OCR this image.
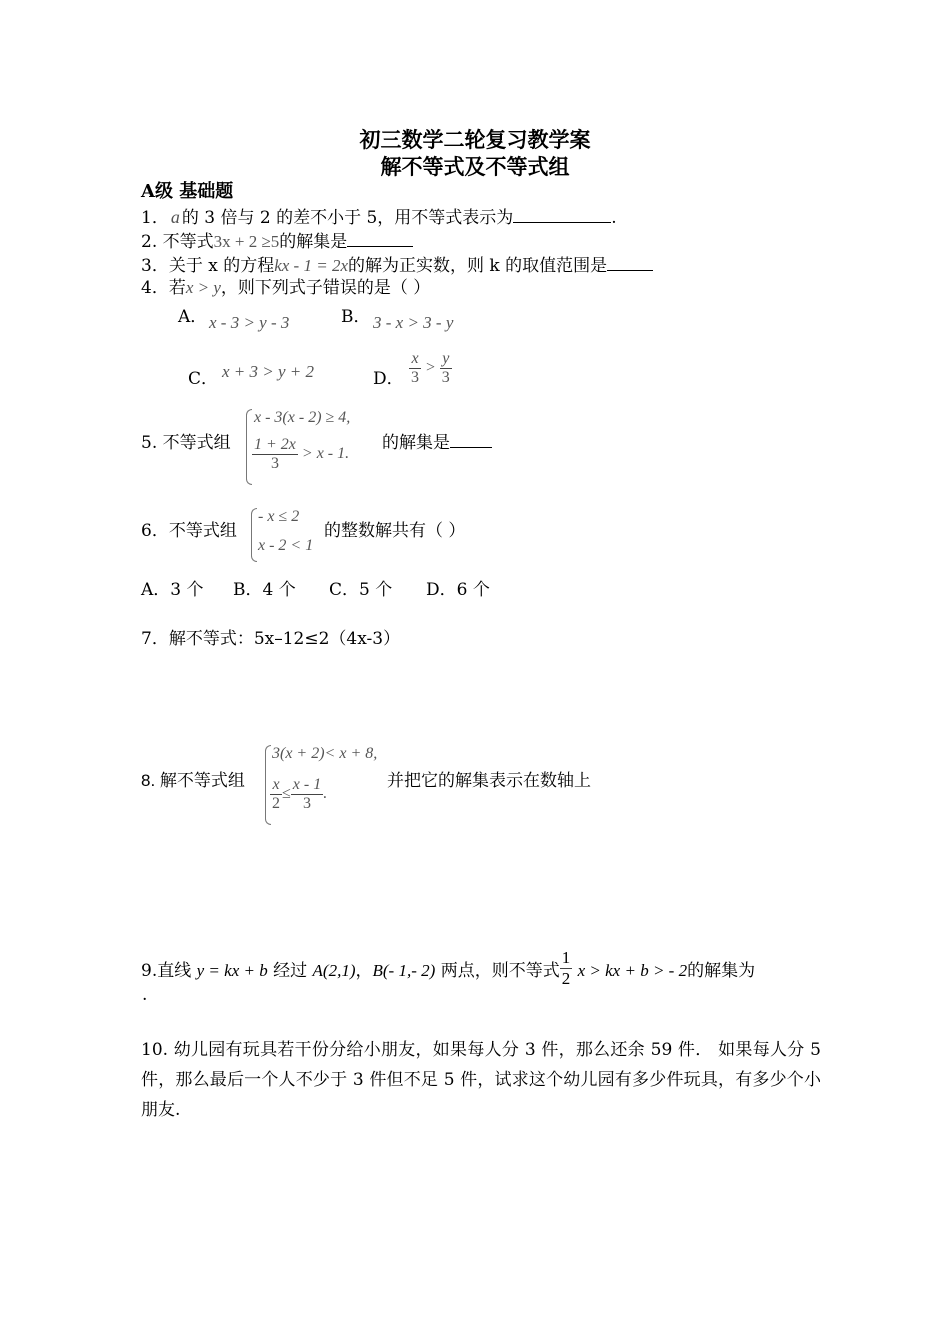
初三数学二轮复习教学案
解不等式及不等式组
A级 基础题
1． a 的 3 倍与 2 的差不小于 5，用不等式表示为	.
2. 不等式3x + 2 ≥5的解集是
3．关于 x 的方程kx - 1 = 2x的解为正实数，则 k 的取值范围是
4．若x > y，则下列式子错误的是（ ）
A． x - 3 > y - 3	B． 3 - x > 3 - y
C． x + 3 > y + 2	D． $\frac{x}{3} > \frac{y}{3}$
5. 不等式组
x - 3(x - 2) ≥ 4,
$\frac{1 + 2x}{3} > x - 1$.
的解集是
6．不等式组
- x ≤ 2
x - 2 < 1
的整数解共有（ ）
A．3 个 B．4 个 C．5 个 D．6 个
7．解不等式：5x–12≤2（4x-3）
8. 解不等式组
3(x + 2)< x + 8,
$\frac{x}{2} \le \frac{x - 1}{3}$ .
并把它的解集表示在数轴上
9.直线 y = kx + b 经过 A(2,1)，B(- 1,- 2) 两点，则不等式 $\frac{1}{2}$ x > kx + b > - 2的解集为
.
10. 幼儿园有玩具若干份分给小朋友，如果每人分 3 件，那么还余 59 件． 如果每人分 5 件，那么最后一个人不少于 3 件但不足 5 件，试求这个幼儿园有多少件玩具，有多少个小朋友.
